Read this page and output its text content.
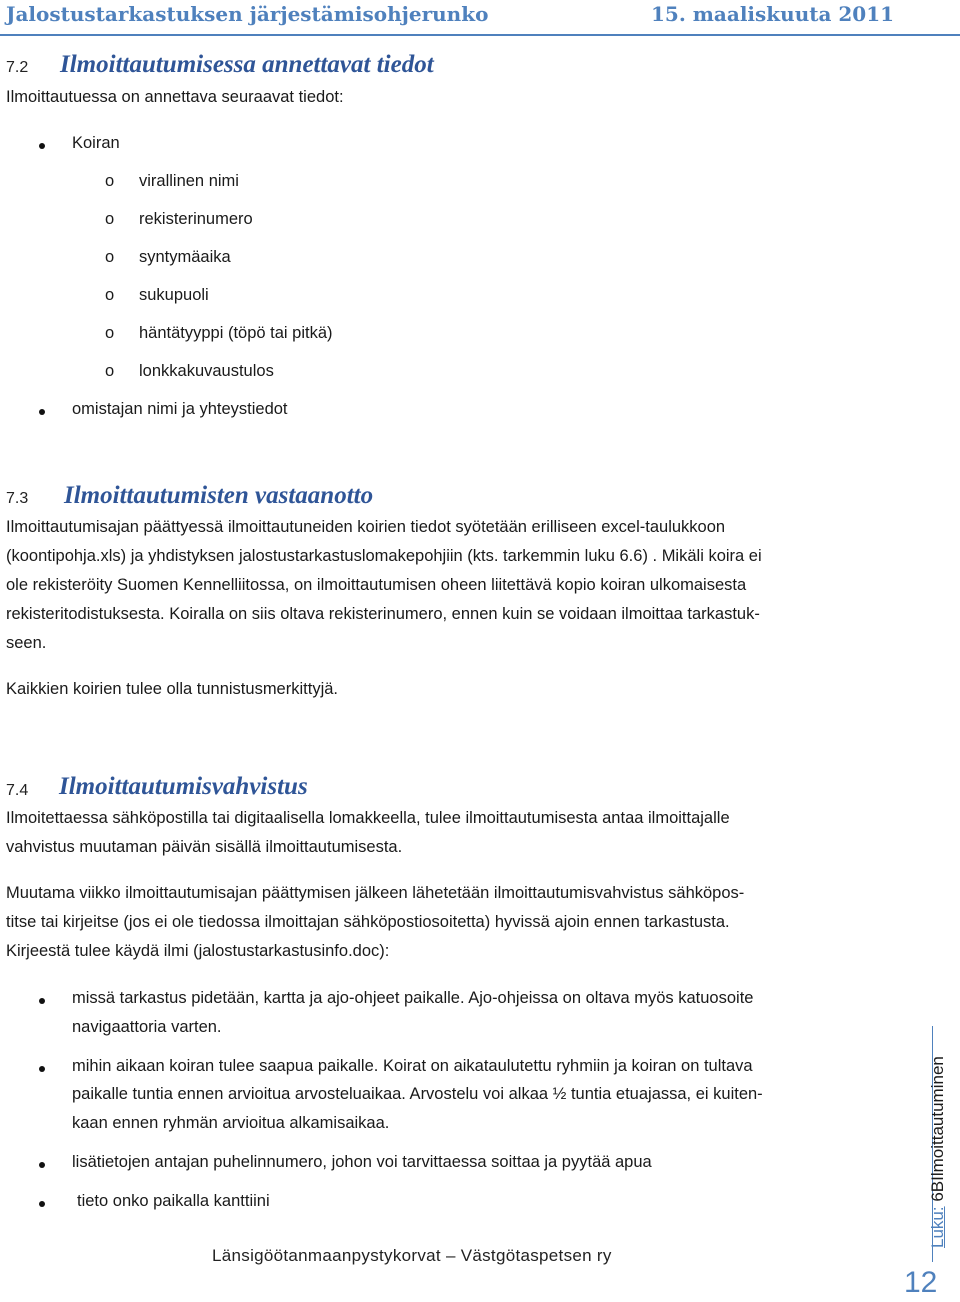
Jalostustarkastuksen järjestämisohjerunko	15. maaliskuuta 2011
7.2 Ilmoittautumisessa annettavat tiedot
Ilmoittautuessa on annettava seuraavat tiedot:
Koiran
o virallinen nimi
o rekisterinumero
o syntymäaika
o sukupuoli
o häntätyyppi (töpö tai pitkä)
o lonkkakuvaustulos
omistajan nimi ja yhteystiedot
7.3 Ilmoittautumisten vastaanotto
Ilmoittautumisajan päättyessä ilmoittautuneiden koirien tiedot syötetään erilliseen excel-taulukkoon
(koontipohja.xls) ja yhdistyksen jalostustarkastuslomakepohjiin (kts. tarkemmin luku 6.6) . Mikäli koira ei
ole rekisteröity Suomen Kennelliitossa, on ilmoittautumisen oheen liitettävä kopio koiran ulkomaisesta
rekisteritodistuksesta. Koiralla on siis oltava rekisterinumero, ennen kuin se voidaan ilmoittaa tarkastuk-
seen.
Kaikkien koirien tulee olla tunnistusmerkittyjä.
7.4 Ilmoittautumisvahvistus
Ilmoitettaessa sähköpostilla tai digitaalisella lomakkeella, tulee ilmoittautumisesta antaa ilmoittajalle
vahvistus muutaman päivän sisällä ilmoittautumisesta.
Muutama viikko ilmoittautumisajan päättymisen jälkeen lähetetään ilmoittautumisvahvistus sähköpos-
titse tai kirjeitse (jos ei ole tiedossa ilmoittajan sähköpostiosoitetta) hyvissä ajoin ennen tarkastusta.
Kirjeestä tulee käydä ilmi (jalostustarkastusinfo.doc):
missä tarkastus pidetään, kartta ja ajo-ohjeet paikalle. Ajo-ohjeissa on oltava myös katuosoite
navigaattoria varten.
mihin aikaan koiran tulee saapua paikalle. Koirat on aikataulutettu ryhmiin ja koiran on tultava
paikalle tuntia ennen arvioitua arvosteluaikaa. Arvostelu voi alkaa ½ tuntia etuajassa, ei kuiten-
kaan ennen ryhmän arvioitua alkamisaikaa.
lisätietojen antajan puhelinnumero, johon voi tarvittaessa soittaa ja pyytää apua
tieto onko paikalla kanttiini
Länsigöötanmaanpystykorvat – Västgötaspetsen ry
Luku: 6BIlmoittautuminen
12
